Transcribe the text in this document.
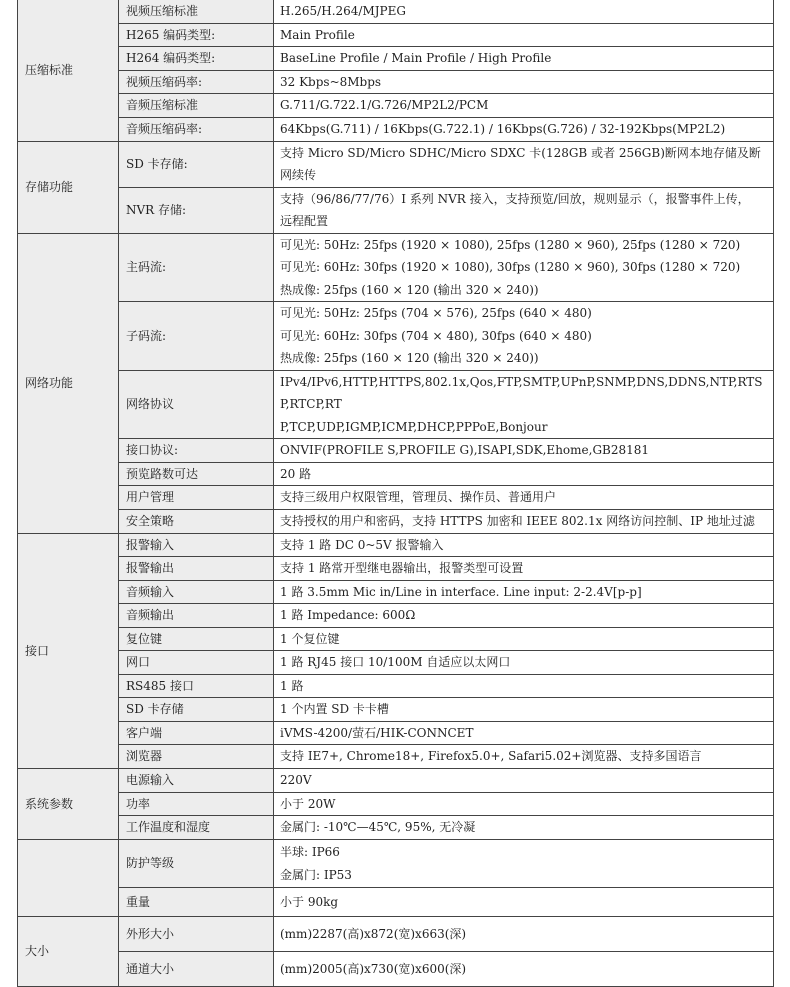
压缩标准	视频压缩标准	H.265/H.264/MJPEG

	H265 编码类型:	Main Profile

	H264 编码类型:	BaseLine Profile / Main Profile / High Profile

	视频压缩码率:	32 Kbps~8Mbps

	音频压缩标准	G.711/G.722.1/G.726/MP2L2/PCM

	音频压缩码率:	64Kbps(G.711) / 16Kbps(G.722.1) / 16Kbps(G.726) / 32-192Kbps(MP2L2)

存储功能	SD 卡存储:	支持 Micro SD/Micro SDHC/Micro SDXC 卡(128GB 或者 256GB)断网本地存储及断网续传

	NVR 存储:	支持（96/86/77/76）I 系列 NVR 接入，支持预览/回放，规则显示（，报警事件上传，
远程配置

网络功能	主码流:	可见光: 50Hz: 25fps (1920 × 1080), 25fps (1280 × 960), 25fps (1280 × 720)
可见光: 60Hz: 30fps (1920 × 1080), 30fps (1280 × 960), 30fps (1280 × 720)
热成像: 25fps (160 × 120 (输出 320 × 240))

	子码流:	可见光: 50Hz: 25fps (704 × 576), 25fps (640 × 480)
可见光: 60Hz: 30fps (704 × 480), 30fps (640 × 480)
热成像: 25fps (160 × 120 (输出 320 × 240))

	网络协议	IPv4/IPv6,HTTP,HTTPS,802.1x,Qos,FTP,SMTP,UPnP,SNMP,DNS,DDNS,NTP,RTSP,RTCP,RT
P,TCP,UDP,IGMP,ICMP,DHCP,PPPoE,Bonjour

	接口协议:	ONVIF(PROFILE S,PROFILE G),ISAPI,SDK,Ehome,GB28181

	预览路数可达	20 路

	用户管理	支持三级用户权限管理，管理员、操作员、普通用户

	安全策略	支持授权的用户和密码，支持 HTTPS 加密和 IEEE 802.1x 网络访问控制、IP 地址过滤

接口	报警输入	支持 1 路 DC 0~5V 报警输入

	报警输出	支持 1 路常开型继电器输出，报警类型可设置

	音频输入	1 路 3.5mm Mic in/Line in interface. Line input: 2-2.4V[p-p]

	音频输出	1 路 Impedance: 600Ω

	复位键	1 个复位键

	网口	1 路 RJ45 接口 10/100M 自适应以太网口

	RS485 接口	1 路

	SD 卡存储	1 个内置 SD 卡卡槽

	客户端	iVMS-4200/萤石/HIK-CONNCET

	浏览器	支持 IE7+, Chrome18+, Firefox5.0+, Safari5.02+浏览器、支持多国语言

系统参数	电源输入	220V

	功率	小于 20W

	工作温度和湿度	金属门: -10℃—45℃, 95%, 无冷凝

	防护等级	半球: IP66
金属门: IP53

	重量	小于 90kg

大小	外形大小	(mm)2287(高)x872(宽)x663(深)

	通道大小	(mm)2005(高)x730(宽)x600(深)
